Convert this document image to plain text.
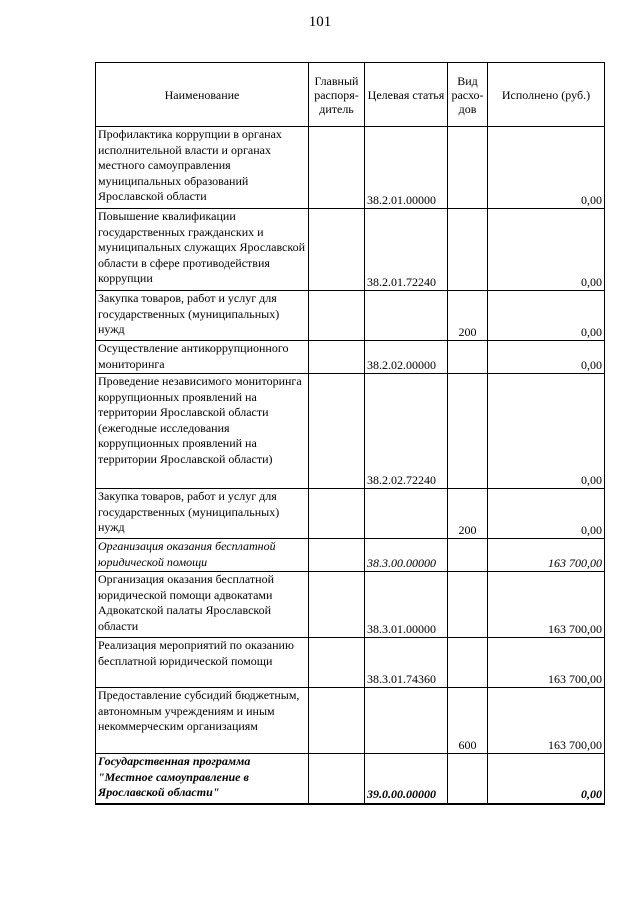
101
Наименование	Главный распоря-дитель	Целевая статья	Вид расхо-дов	Исполнено (руб.)
Профилактика коррупции в органах исполнительной власти и органах местного самоуправления муниципальных образований Ярославской области		38.2.01.00000		0,00
Повышение квалификации государственных гражданских и муниципальных служащих Ярославской области в сфере противодействия коррупции		38.2.01.72240		0,00
Закупка товаров, работ и услуг для государственных (муниципальных) нужд			200	0,00
Осуществление антикоррупционного мониторинга		38.2.02.00000		0,00
Проведение независимого мониторинга коррупционных проявлений на территории Ярославской области (ежегодные исследования коррупционных проявлений на территории Ярославской области)		38.2.02.72240		0,00
Закупка товаров, работ и услуг для государственных (муниципальных) нужд			200	0,00
Организация оказания бесплатной юридической помощи		38.3.00.00000		163 700,00
Организация оказания бесплатной юридической помощи адвокатами Адвокатской палаты Ярославской области		38.3.01.00000		163 700,00
Реализация мероприятий по оказанию бесплатной юридической помощи		38.3.01.74360		163 700,00
Предоставление субсидий бюджетным, автономным учреждениям и иным некоммерческим организациям			600	163 700,00
Государственная программа "Местное самоуправление в Ярославской области"		39.0.00.00000		0,00
